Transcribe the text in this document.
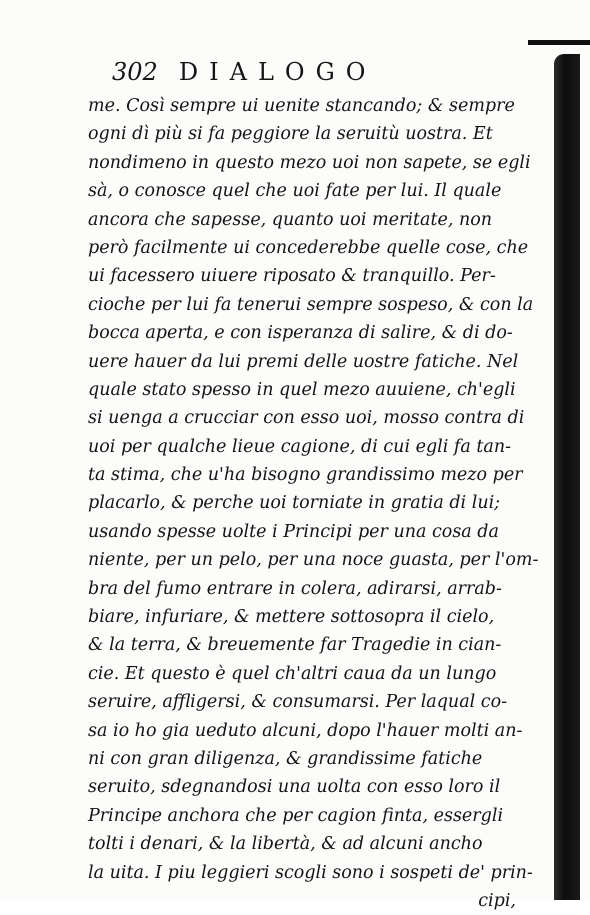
302 DIALOGO
me. Così sempre ui uenite stancando; & sempre
ogni dì più si fa peggiore la seruitù uostra. Et
nondimeno in questo mezo uoi non sapete, se egli
sà, o conosce quel che uoi fate per lui. Il quale
ancora che sapesse, quanto uoi meritate, non
però facilmente ui concederebbe quelle cose, che
ui facessero uiuere riposato & tranquillo. Per-
cioche per lui fa tenerui sempre sospeso, & con la
bocca aperta, e con isperanza di salire, & di do-
uere hauer da lui premi delle uostre fatiche. Nel
quale stato spesso in quel mezo auuiene, ch'egli
si uenga a crucciar con esso uoi, mosso contra di
uoi per qualche lieue cagione, di cui egli fa tan-
ta stima, che u'ha bisogno grandissimo mezo per
placarlo, & perche uoi torniate in gratia di lui;
usando spesse uolte i Principi per una cosa da
niente, per un pelo, per una noce guasta, per l'om-
bra del fumo entrare in colera, adirarsi, arrab-
biare, infuriare, & mettere sottosopra il cielo,
& la terra, & breuemente far Tragedie in cian-
cie. Et questo è quel ch'altri caua da un lungo
seruire, affligersi, & consumarsi. Per laqual co-
sa io ho gia ueduto alcuni, dopo l'hauer molti an-
ni con gran diligenza, & grandissime fatiche
seruito, sdegnandosi una uolta con esso loro il
Principe anchora che per cagion finta, essergli
tolti i denari, & la libertà, & ad alcuni ancho
la uita. I piu leggieri scogli sono i sospeti de' prin-
cipi,
